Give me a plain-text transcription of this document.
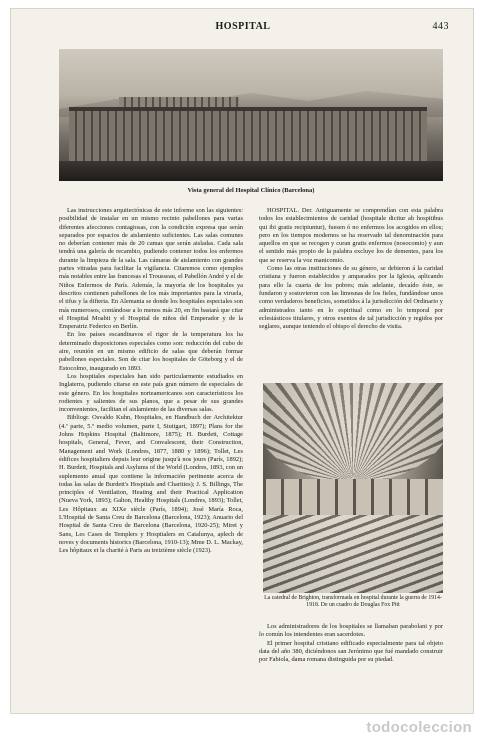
HOSPITAL	443
Vista general del Hospital Clínico (Barcelona)

Las instrucciones arquitectónicas de este informe son las siguientes: posibilidad de instalar en un mismo recinto pabellones para varias diferentes afecciones contagiosas, con la condición expresa que serán separados por espacios de aislamiento suficientes. Las salas comunes no deberían contener más de 20 camas que serán aisladas. Cada sala tendrá una galería de recambio, pudiendo contener todos los enfermos durante la limpieza de la sala. Las cámaras de aislamiento con grandes partes vitradas para facilitar la vigilancia. Citaremos como ejemplos más notables entre las francesas el Trousseau, el Pabellón André y el de Niños Enfermos de París. Además, la mayoría de los hospitales ya descritos contienen pabellones de los más importantes para la viruela, el tifus y la difteria. En Alemania se donde los hospitales especiales son más numerosos, contándose a lo menos más 20, en fin bastará que citar el Hospital Moabit y el Hospital de niños del Emperador y de la Emperatriz Federico en Berlín.

En los países escandinavos el rigor de la temperatura los ha determinado disposiciones especiales como son: reducción del cubo de aire, reunión en un mismo edificio de salas que deberán formar pabellones especiales. Son de citar los hospitales de Göteborg y el de Estocolmo, inaugurado en 1893.

Los hospitales especiales han sido particularmente estudiados en Inglaterra, pudiendo citarse en este país gran número de especiales de este género. En los hospitales norteamericanos son característicos los rodientes y salientes de sus planos, que a pesar de sus grandes inconvenientes, facilitan el aislamiento de las diversas salas.

Bibliogr. Osvaldo Kuhn, Hospitales, en Handbuch der Architektur (4.ª parte, 5.º medio volumen, parte I, Stuttgart, 1897); Plans for the Johns Hopkins Hospital (Baltimore, 1875); H. Burdett, Cottage hospitals, General, Fever, and Convalescent, their Construction, Management and Work (Londres, 1877, 1880 y 1896); Tollet, Les édifices hospitaliers depuis leur origine jusqu'à nos jours (París, 1892); H. Burdett, Hospitals and Asylums of the World (Londres, 1893, con un suplemento anual que contiene la información pertinente acerca de todas las salas de Burdett's Hospitals and Charities); J. S. Billings, The principles of Ventilation, Heating and their Practical Application (Nueva York, 1893); Galton, Healthy Hospitals (Londres, 1893); Tollet, Les Hôpitaux au XIXe siècle (París, 1894); José María Roca, L'Hospital de Santa Creu de Barcelona (Barcelona, 1923); Anuario del Hospital de Santa Creu de Barcelona (Barcelona, 1920-25); Miret y Sans, Les Cases de Templers y Hospitalers en Catalunya, aplech de noves y documents historics (Barcelona, 1910-13); Mme D. L. Mackay, Les hôpitaux et la charité à Paris au treizième siècle (1923).

HOSPITAL. Der. Antiguamente se comprendían con esta palabra todos los establecimientos de caridad (hospitale dicitur ab hospitibus qui ibi gratis recipiuntur), fuesen ó no enfermos los acogidos en ellos; pero en los tiempos modernos se ha reservado tal denominación para aquellos en que se recogen y curan gratis enfermos (nosocomio) y aun el sentido más propio de la palabra excluye los de dementes, para los que se reserva la voz manicomio.

Como las otras instituciones de su género, se debieron á la caridad cristiana y fueron establecidos y amparados por la Iglesia, aplicando para ello la cuarta de los pobres; más adelante, decaído éste, se fundaron y sostuvieron con las limosnas de los fieles, fundándose unos como verdaderos beneficios, sometidos á la jurisdicción del Ordinario y administrados tanto en lo espiritual como en lo temporal por eclesiásticos titulares, y otros exentos de tal jurisdicción y regidos por seglares, aunque teniendo el obispo el derecho de visita.

La catedral de Brighton, transformada en hospital durante la guerra de 1914-1918. De un cuadro de Douglas Fox Pitt

Los administradores de los hospitales se llamaban parabolani y por lo común los intendentes eran sacerdotes.

El primer hospital cristiano edificado especialmente para tal objeto data del año 380, diciéndonos san Jerónimo que fué mandado construir por Fabiola, dama romana distinguida por su piedad.

todocoleccion
